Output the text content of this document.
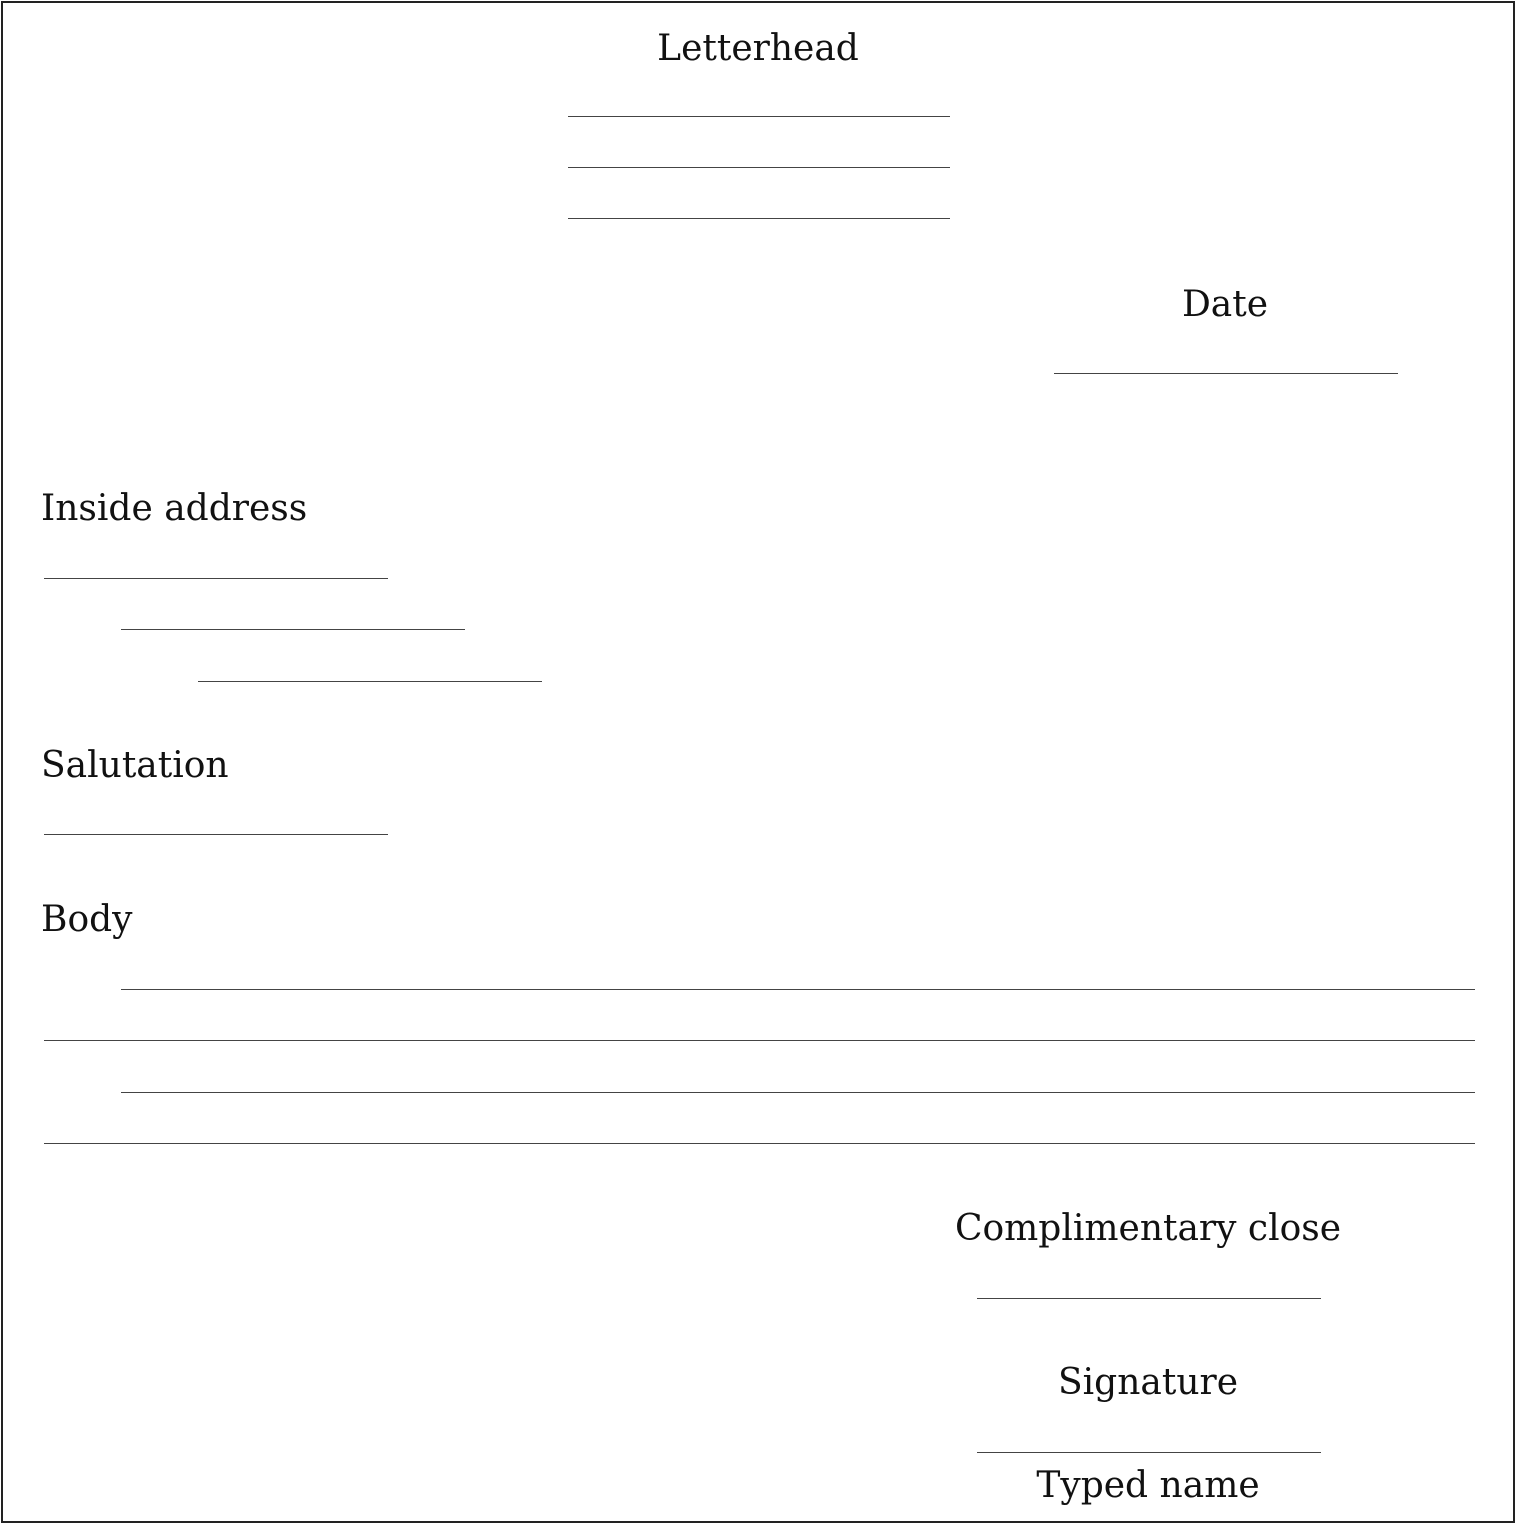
Letterhead
Date
Inside address
Salutation
Body
Complimentary close
Signature
Typed name
